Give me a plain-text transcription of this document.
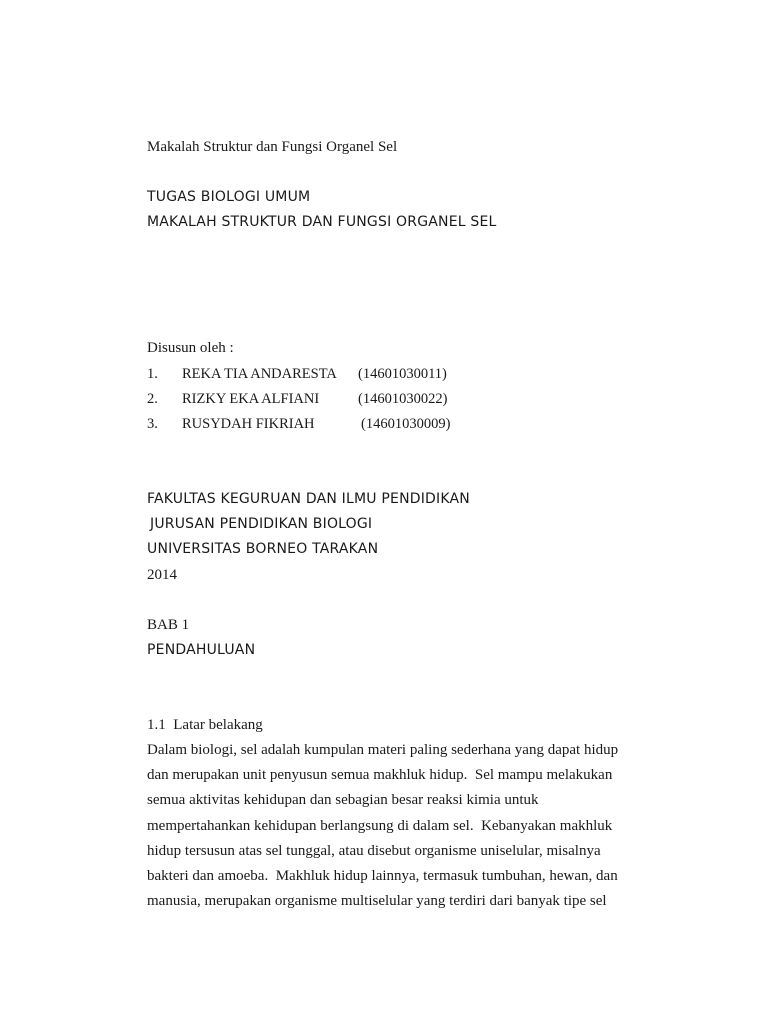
Makalah Struktur dan Fungsi Organel Sel
TUGAS BIOLOGI UMUM
MAKALAH STRUKTUR DAN FUNGSI ORGANEL SEL
Disusun oleh :
1. REKA TIA ANDARESTA (14601030011)
2. RIZKY EKA ALFIANI	(14601030022)
3. RUSYDAH FIKRIAH	(14601030009)
FAKULTAS KEGURUAN DAN ILMU PENDIDIKAN
JURUSAN PENDIDIKAN BIOLOGI
UNIVERSITAS BORNEO TARAKAN
2014
BAB 1
PENDAHULUAN
1.1  Latar belakang
Dalam biologi, sel adalah kumpulan materi paling sederhana yang dapat hidup
dan merupakan unit penyusun semua makhluk hidup.  Sel mampu melakukan
semua aktivitas kehidupan dan sebagian besar reaksi kimia untuk
mempertahankan kehidupan berlangsung di dalam sel.  Kebanyakan makhluk
hidup tersusun atas sel tunggal, atau disebut organisme uniselular, misalnya
bakteri dan amoeba.  Makhluk hidup lainnya, termasuk tumbuhan, hewan, dan
manusia, merupakan organisme multiselular yang terdiri dari banyak tipe sel
